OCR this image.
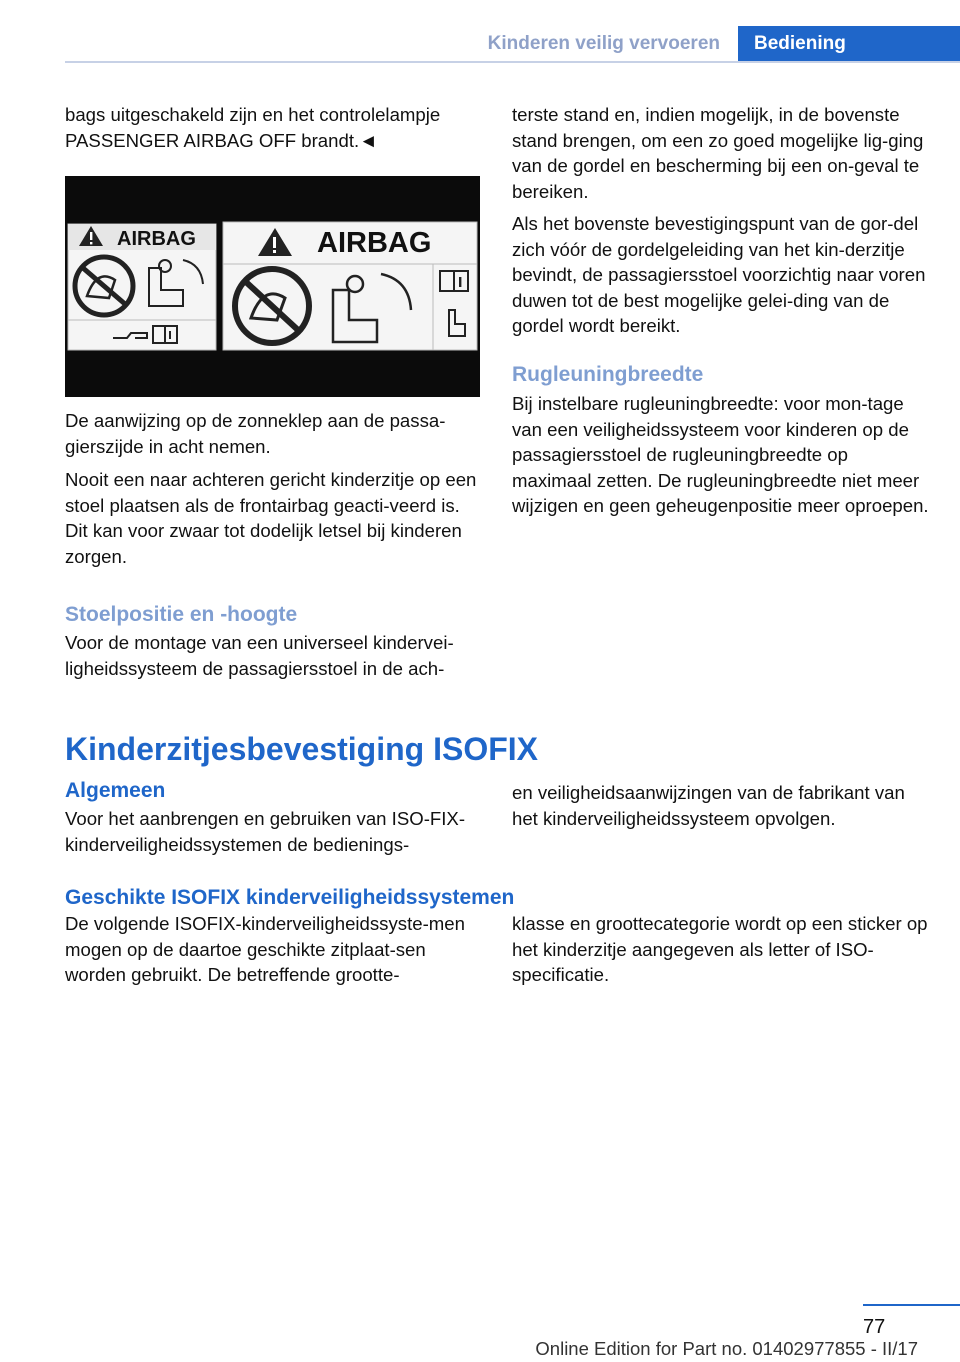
Kinderen veilig vervoeren	Bediening

bags uitgeschakeld zijn en het controlelampje PASSENGER AIRBAG OFF brandt.◄

AIRBAG	AIRBAG

De aanwijzing op de zonneklep aan de passa-gierszijde in acht nemen.

Nooit een naar achteren gericht kinderzitje op een stoel plaatsen als de frontairbag geacti-veerd is. Dit kan voor zwaar tot dodelijk letsel bij kinderen zorgen.

Stoelpositie en -hoogte

Voor de montage van een universeel kindervei-ligheidssysteem de passagiersstoel in de ach-

terste stand en, indien mogelijk, in de bovenste stand brengen, om een zo goed mogelijke lig-ging van de gordel en bescherming bij een on-geval te bereiken.

Als het bovenste bevestigingspunt van de gor-del zich vóór de gordelgeleiding van het kin-derzitje bevindt, de passagiersstoel voorzichtig naar voren duwen tot de best mogelijke gelei-ding van de gordel wordt bereikt.

Rugleuningbreedte

Bij instelbare rugleuningbreedte: voor mon-tage van een veiligheidssysteem voor kinderen op de passagiersstoel de rugleuningbreedte op maximaal zetten. De rugleuningbreedte niet meer wijzigen en geen geheugenpositie meer oproepen.

Kinderzitjesbevestiging ISOFIX
Algemeen

Voor het aanbrengen en gebruiken van ISO-FIX-kinderveiligheidssystemen de bedienings-

en veiligheidsaanwijzingen van de fabrikant van het kinderveiligheidssysteem opvolgen.

Geschikte ISOFIX kinderveiligheidssystemen

De volgende ISOFIX-kinderveiligheidssyste-men mogen op de daartoe geschikte zitplaat-sen worden gebruikt. De betreffende grootte-

klasse en groottecategorie wordt op een sticker op het kinderzitje aangegeven als letter of ISO-specificatie.

77
Online Edition for Part no. 01402977855 - II/17
